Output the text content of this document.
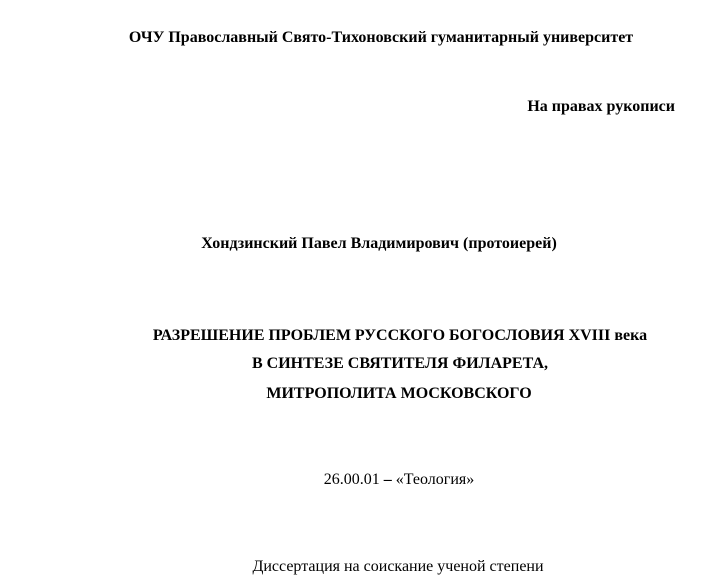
ОЧУ Православный Свято-Тихоновский гуманитарный университет
На правах рукописи
Хондзинский Павел Владимирович (протоиерей)
РАЗРЕШЕНИЕ ПРОБЛЕМ РУССКОГО БОГОСЛОВИЯ XVIII века
В СИНТЕЗЕ СВЯТИТЕЛЯ ФИЛАРЕТА,
МИТРОПОЛИТА МОСКОВСКОГО
26.00.01 – «Теология»
Диссертация на соискание ученой степени
